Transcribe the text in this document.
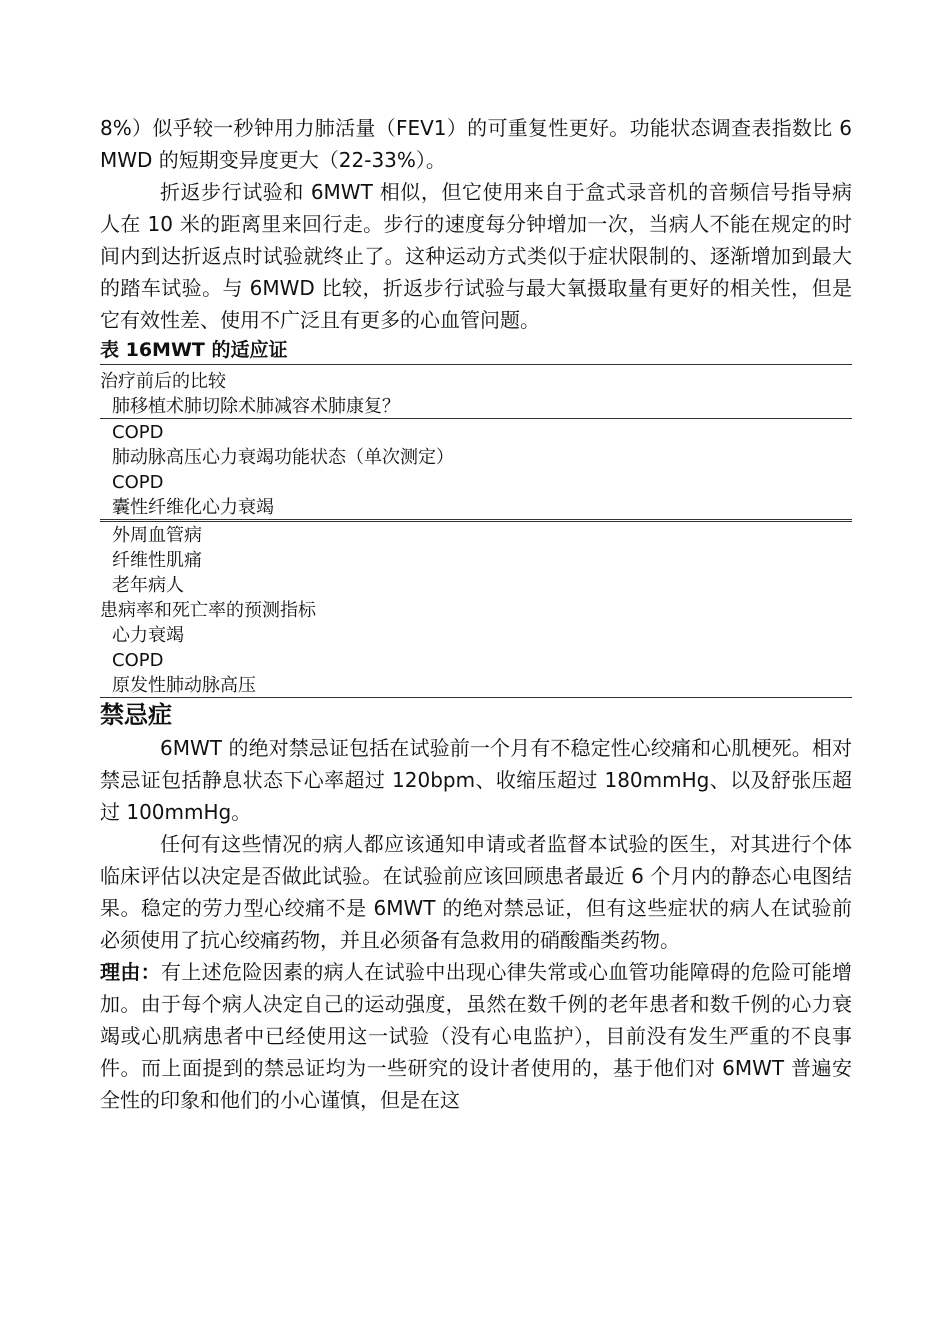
8%）似乎较一秒钟用力肺活量（FEV1）的可重复性更好。功能状态调查表指数比 6MWD 的短期变异度更大（22-33%）。

折返步行试验和 6MWT 相似，但它使用来自于盒式录音机的音频信号指导病人在 10 米的距离里来回行走。步行的速度每分钟增加一次，当病人不能在规定的时间内到达折返点时试验就终止了。这种运动方式类似于症状限制的、逐渐增加到最大的踏车试验。与 6MWD 比较，折返步行试验与最大氧摄取量有更好的相关性，但是它有效性差、使用不广泛且有更多的心血管问题。

表 16MWT 的适应证

治疗前后的比较

肺移植术肺切除术肺减容术肺康复？

COPD

肺动脉高压心力衰竭功能状态（单次测定）

COPD

囊性纤维化心力衰竭

外周血管病

纤维性肌痛

老年病人

患病率和死亡率的预测指标

心力衰竭

COPD

原发性肺动脉高压

禁忌症

6MWT 的绝对禁忌证包括在试验前一个月有不稳定性心绞痛和心肌梗死。相对禁忌证包括静息状态下心率超过 120bpm、收缩压超过 180mmHg、以及舒张压超过 100mmHg。

任何有这些情况的病人都应该通知申请或者监督本试验的医生，对其进行个体临床评估以决定是否做此试验。在试验前应该回顾患者最近 6 个月内的静态心电图结果。稳定的劳力型心绞痛不是 6MWT 的绝对禁忌证，但有这些症状的病人在试验前必须使用了抗心绞痛药物，并且必须备有急救用的硝酸酯类药物。

理由：有上述危险因素的病人在试验中出现心律失常或心血管功能障碍的危险可能增加。由于每个病人决定自己的运动强度，虽然在数千例的老年患者和数千例的心力衰竭或心肌病患者中已经使用这一试验（没有心电监护），目前没有发生严重的不良事件。而上面提到的禁忌证均为一些研究的设计者使用的，基于他们对 6MWT 普遍安全性的印象和他们的小心谨慎，但是在这
